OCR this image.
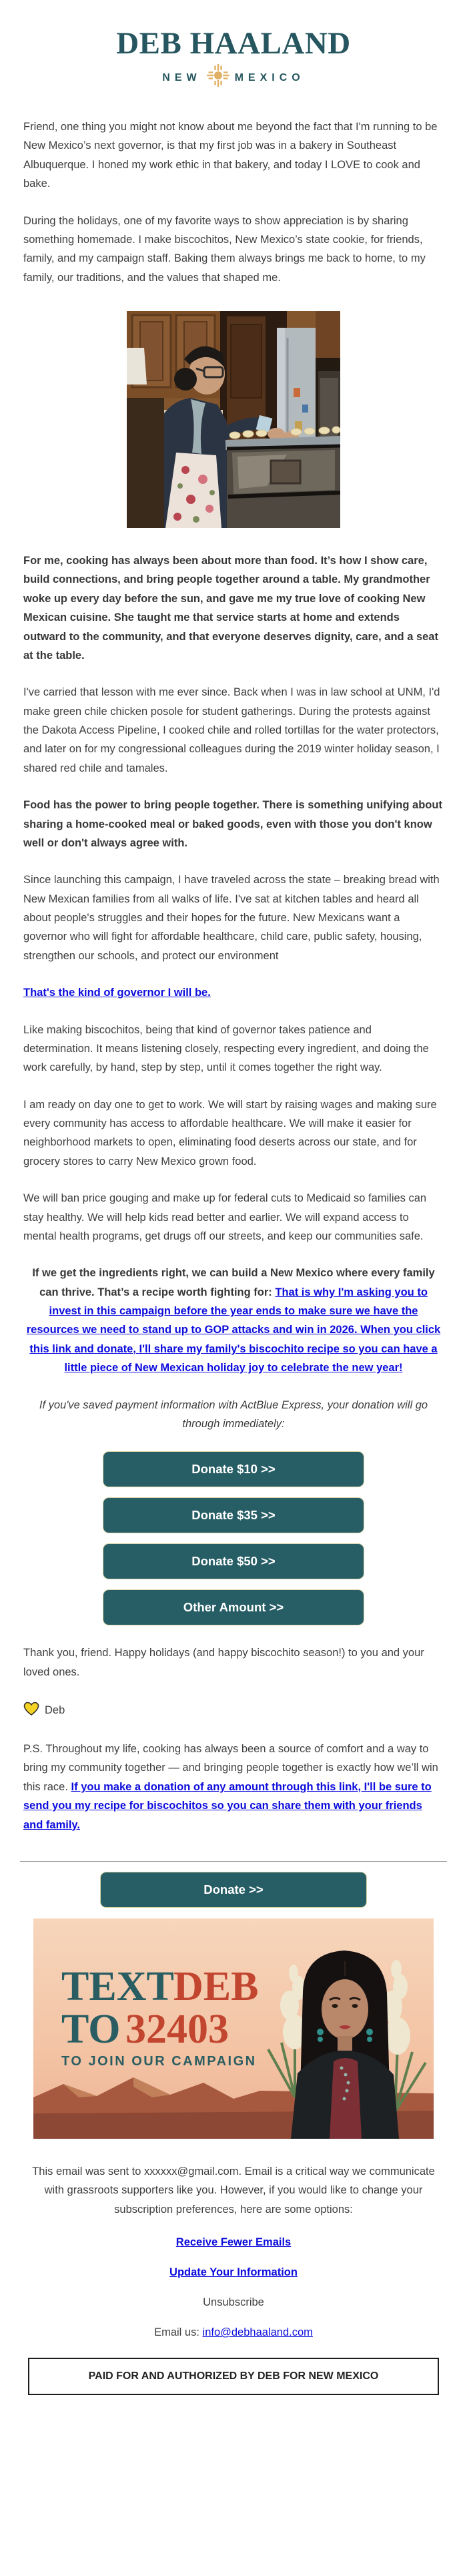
DEB HAALAND
NEW	MEXICO

Friend, one thing you might not know about me beyond the fact that I'm running to be New Mexico’s next governor, is that my first job was in a bakery in Southeast Albuquerque. I honed my work ethic in that bakery, and today I LOVE to cook and bake.

During the holidays, one of my favorite ways to show appreciation is by sharing something homemade. I make biscochitos, New Mexico’s state cookie, for friends, family, and my campaign staff. Baking them always brings me back to home, to my family, our traditions, and the values that shaped me.

For me, cooking has always been about more than food. It’s how I show care, build connections, and bring people together around a table. My grandmother woke up every day before the sun, and gave me my true love of cooking New Mexican cuisine. She taught me that service starts at home and extends outward to the community, and that everyone deserves dignity, care, and a seat at the table.

I've carried that lesson with me ever since. Back when I was in law school at UNM, I'd make green chile chicken posole for student gatherings. During the protests against the Dakota Access Pipeline, I cooked chile and rolled tortillas for the water protectors, and later on for my congressional colleagues during the 2019 winter holiday season, I shared red chile and tamales.

Food has the power to bring people together. There is something unifying about sharing a home-cooked meal or baked goods, even with those you don't know well or don't always agree with.

Since launching this campaign, I have traveled across the state – breaking bread with New Mexican families from all walks of life. I've sat at kitchen tables and heard all about people's struggles and their hopes for the future. New Mexicans want a governor who will fight for affordable healthcare, child care, public safety, housing, strengthen our schools, and protect our environment

That's the kind of governor I will be.

Like making biscochitos, being that kind of governor takes patience and determination. It means listening closely, respecting every ingredient, and doing the work carefully, by hand, step by step, until it comes together the right way.

I am ready on day one to get to work. We will start by raising wages and making sure every community has access to affordable healthcare. We will make it easier for neighborhood markets to open, eliminating food deserts across our state, and for grocery stores to carry New Mexico grown food.

We will ban price gouging and make up for federal cuts to Medicaid so families can stay healthy. We will help kids read better and earlier. We will expand access to mental health programs, get drugs off our streets, and keep our communities safe.

If we get the ingredients right, we can build a New Mexico where every family can thrive. That’s a recipe worth fighting for: That is why I'm asking you to invest in this campaign before the year ends to make sure we have the resources we need to stand up to GOP attacks and win in 2026. When you click this link and donate, I'll share my family's biscochito recipe so you can have a little piece of New Mexican holiday joy to celebrate the new year!

If you've saved payment information with ActBlue Express, your donation will go through immediately:

Donate $10 >>
Donate $35 >>
Donate $50 >>
Other Amount >>

Thank you, friend. Happy holidays (and happy biscochito season!) to you and your loved ones.

Deb

P.S. Throughout my life, cooking has always been a source of comfort and a way to bring my community together — and bringing people together is exactly how we’ll win this race. If you make a donation of any amount through this link, I'll be sure to send you my recipe for biscochitos so you can share them with your friends and family.

Donate >>
TEXT DEB
TO 32403
TO JOIN OUR CAMPAIGN

This email was sent to xxxxxx@gmail.com. Email is a critical way we communicate with grassroots supporters like you. However, if you would like to change your subscription preferences, here are some options:

Receive Fewer Emails
Update Your Information
Unsubscribe

Email us: info@debhaaland.com

PAID FOR AND AUTHORIZED BY DEB FOR NEW MEXICO
